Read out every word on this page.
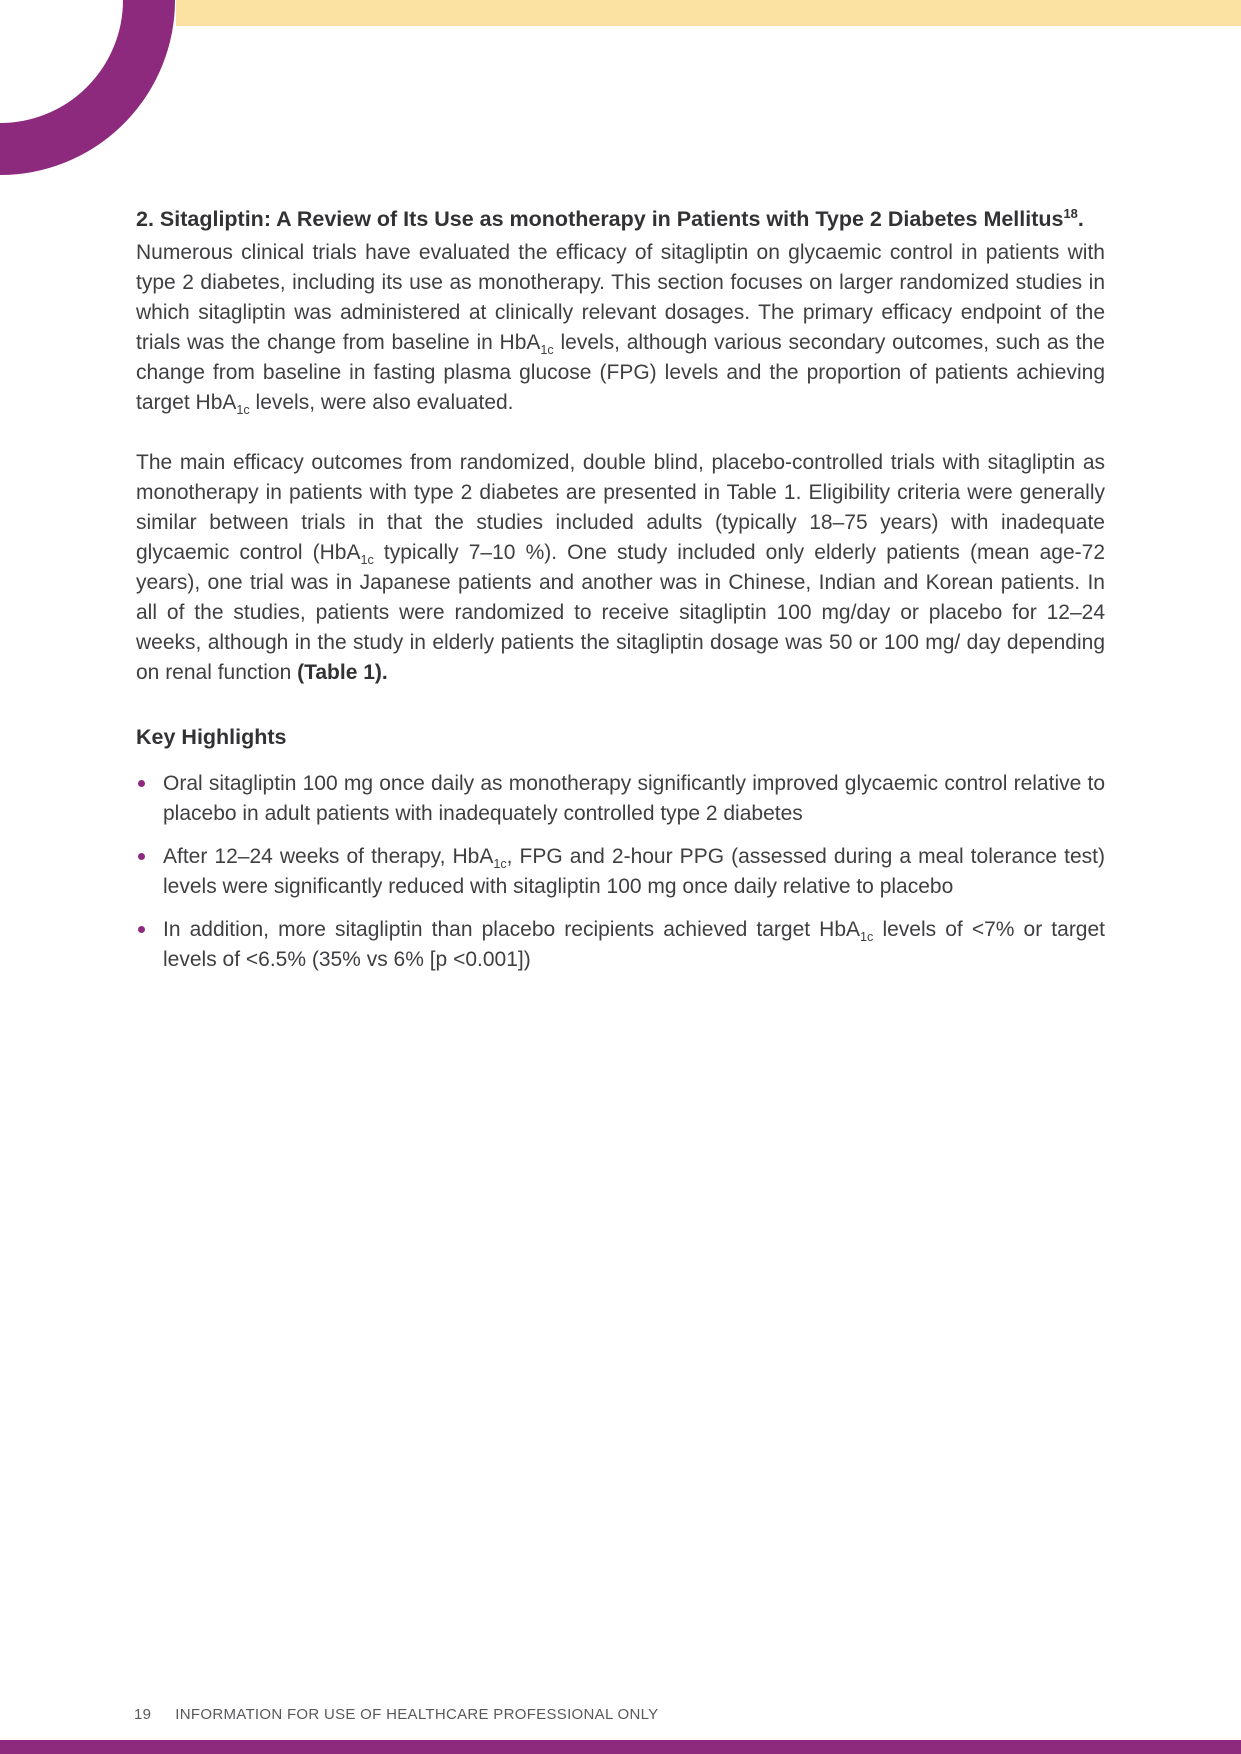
2. Sitagliptin: A Review of Its Use as monotherapy in Patients with Type 2 Diabetes Mellitus$^{18}$.

Numerous clinical trials have evaluated the efficacy of sitagliptin on glycaemic control in patients with type 2 diabetes, including its use as monotherapy. This section focuses on larger randomized studies in which sitagliptin was administered at clinically relevant dosages. The primary efficacy endpoint of the trials was the change from baseline in HbA$_{1c}$ levels, although various secondary outcomes, such as the change from baseline in fasting plasma glucose (FPG) levels and the proportion of patients achieving target HbA$_{1c}$ levels, were also evaluated.

The main efficacy outcomes from randomized, double blind, placebo-controlled trials with sitagliptin as monotherapy in patients with type 2 diabetes are presented in Table 1. Eligibility criteria were generally similar between trials in that the studies included adults (typically 18–75 years) with inadequate glycaemic control (HbA$_{1c}$ typically 7–10 %). One study included only elderly patients (mean age-72 years), one trial was in Japanese patients and another was in Chinese, Indian and Korean patients. In all of the studies, patients were randomized to receive sitagliptin 100 mg/day or placebo for 12–24 weeks, although in the study in elderly patients the sitagliptin dosage was 50 or 100 mg/ day depending on renal function (Table 1).

Key Highlights
Oral sitagliptin 100 mg once daily as monotherapy significantly improved glycaemic control relative to placebo in adult patients with inadequately controlled type 2 diabetes
After 12–24 weeks of therapy, HbA$_{1c}$, FPG and 2-hour PPG (assessed during a meal tolerance test) levels were significantly reduced with sitagliptin 100 mg once daily relative to placebo
In addition, more sitagliptin than placebo recipients achieved target HbA$_{1c}$ levels of <7% or target levels of <6.5% (35% vs 6% [p <0.001])
19 INFORMATION FOR USE OF HEALTHCARE PROFESSIONAL ONLY
